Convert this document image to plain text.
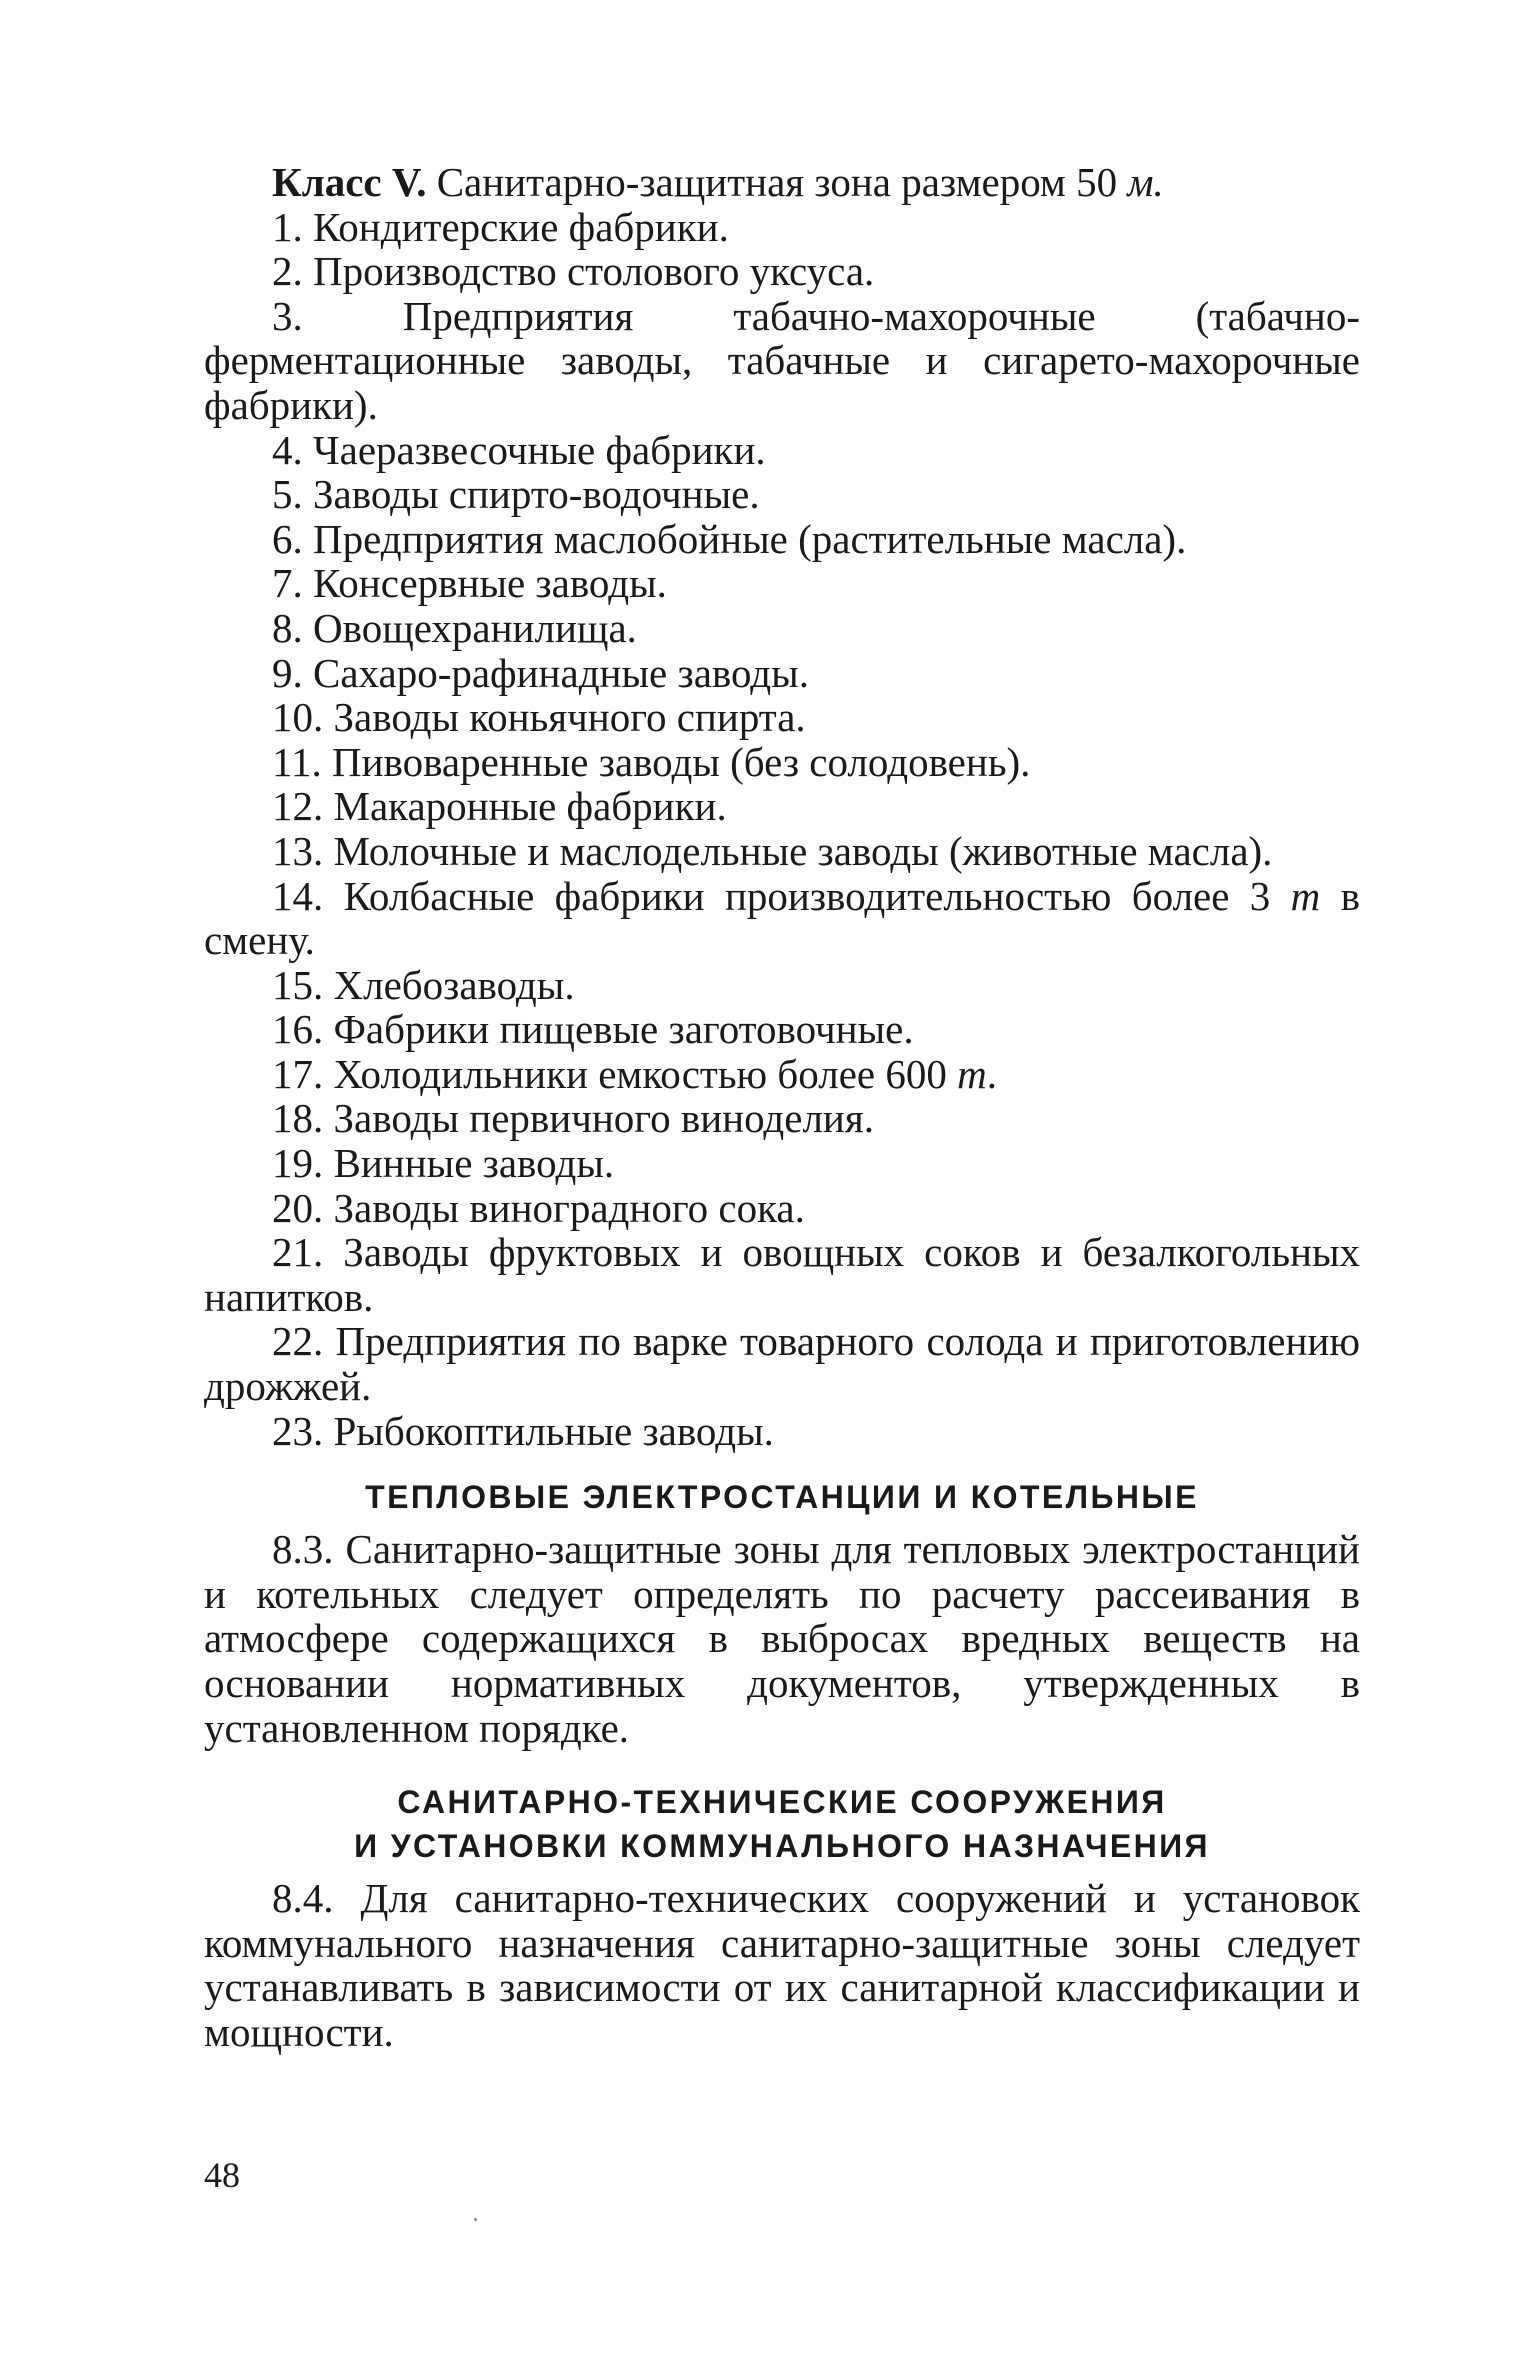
Класс V. Санитарно-защитная зона размером 50 м.

1. Кондитерские фабрики.

2. Производство столового уксуса.

3. Предприятия табачно-махорочные (табачно-ферментационные заводы, табачные и сигарето-махорочные фабрики).

4. Чаеразвесочные фабрики.

5. Заводы спирто-водочные.

6. Предприятия маслобойные (растительные масла).

7. Консервные заводы.

8. Овощехранилища.

9. Сахаро-рафинадные заводы.

10. Заводы коньячного спирта.

11. Пивоваренные заводы (без солодовень).

12. Макаронные фабрики.

13. Молочные и маслодельные заводы (животные масла).

14. Колбасные фабрики производительностью более 3 т в смену.

15. Хлебозаводы.

16. Фабрики пищевые заготовочные.

17. Холодильники емкостью более 600 т.

18. Заводы первичного виноделия.

19. Винные заводы.

20. Заводы виноградного сока.

21. Заводы фруктовых и овощных соков и безалкогольных напитков.

22. Предприятия по варке товарного солода и приготовлению дрожжей.

23. Рыбокоптильные заводы.

ТЕПЛОВЫЕ ЭЛЕКТРОСТАНЦИИ И КОТЕЛЬНЫЕ

8.3. Санитарно-защитные зоны для тепловых электростанций и котельных следует определять по расчету рассеивания в атмосфере содержащихся в выбросах вредных веществ на основании нормативных документов, утвержденных в установленном порядке.

САНИТАРНО-ТЕХНИЧЕСКИЕ СООРУЖЕНИЯ

И УСТАНОВКИ КОММУНАЛЬНОГО НАЗНАЧЕНИЯ

8.4. Для санитарно-технических сооружений и установок коммунального назначения санитарно-защитные зоны следует устанавливать в зависимости от их санитарной классификации и мощности.

48
